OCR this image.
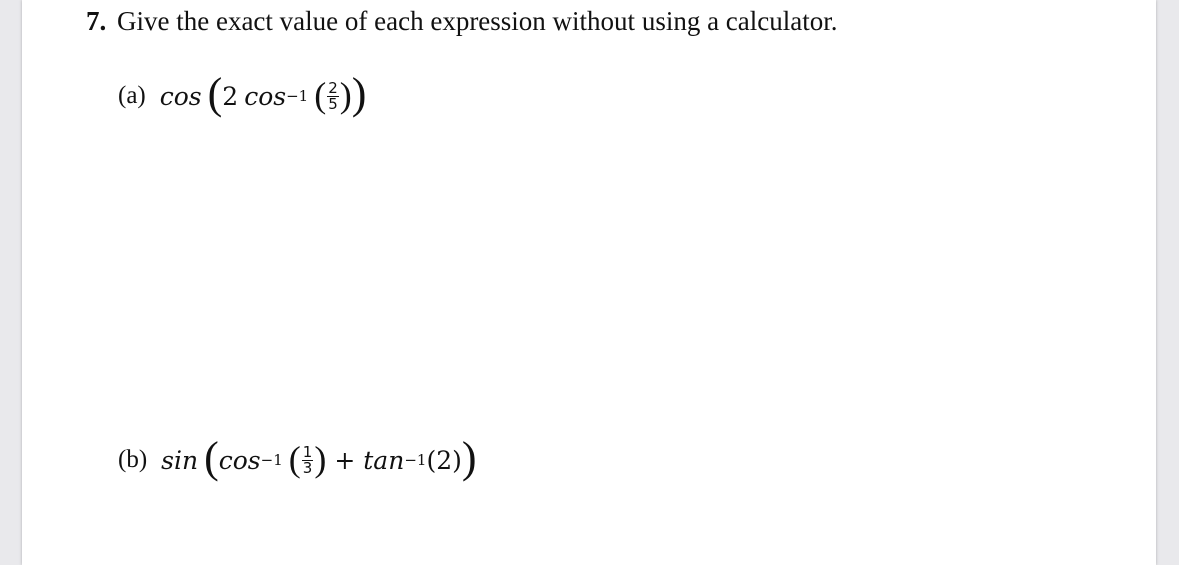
7. Give the exact value of each expression without using a calculator.
(a) cos ( 2 cos −1 ( $\frac{2}{5}$ ) )
(b) sin ( cos −1 ( $\frac{1}{3}$ ) + tan −1 (2) )
